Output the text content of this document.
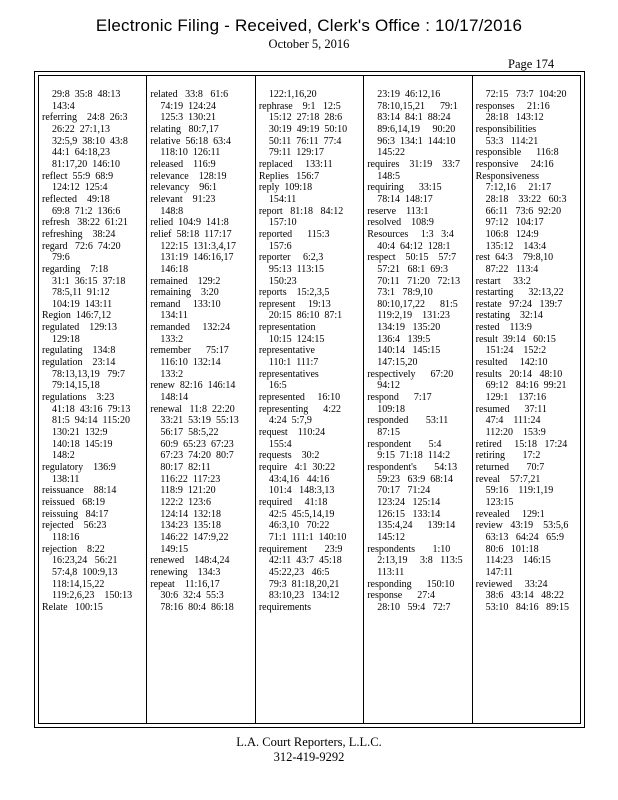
Electronic Filing - Received, Clerk's Office : 10/17/2016
October 5, 2016
Page 174
29:8  35:8  48:13
143:4
referring    24:8  26:3
26:22  27:1,13
32:5,9  38:10  43:8
44:1  64:18,23
81:17,20  146:10
reflect  55:9  68:9
124:12  125:4
reflected    49:18
69:8  71:2  136:6
refresh   38:22  61:21
refreshing    38:24
regard   72:6  74:20
79:6
regarding    7:18
31:1  36:15  37:18
78:5,11  91:12
104:19  143:11
Region  146:7,12
regulated    129:13
129:18
regulating    134:8
regulation    23:14
78:13,13,19   79:7
79:14,15,18
regulations    3:23
41:18  43:16  79:13
81:5  94:14  115:20
130:21  132:9
140:18  145:19
148:2
regulatory    136:9
138:11
reissuance    88:14
reissued   68:19
reissuing   84:17
rejected    56:23
118:16
rejection    8:22
16:23,24   56:21
57:4,8  100:9,13
118:14,15,22
119:2,6,23    150:13
Relate   100:15
related   33:8   61:6
74:19  124:24
125:3  130:21
relating   80:7,17
relative  56:18  63:4
118:10  126:11
released    116:9
relevance    128:19
relevancy    96:1
relevant    91:23
148:8
relied  104:9  141:8
relief  58:18  117:17
122:15  131:3,4,17
131:19  146:16,17
146:18
remained    129:2
remaining    3:20
remand     133:10
134:11
remanded     132:24
133:2
remember      75:17
116:10  132:14
133:2
renew  82:16  146:14
148:14
renewal   11:8  22:20
33:21  53:19  55:13
56:17  58:5,22
60:9  65:23  67:23
67:23  74:20  80:7
80:17  82:11
116:22  117:23
118:9  121:20
122:2  123:6
124:14  132:18
134:23  135:18
146:22  147:9,22
149:15
renewed    148:4,24
renewing    134:3
repeat    11:16,17
30:6  32:4  55:3
78:16  80:4  86:18
122:1,16,20
rephrase    9:1   12:5
15:12  27:18  28:6
30:19  49:19  50:10
50:11  76:11  77:4
79:11  129:17
replaced     133:11
Replies   156:7
reply  109:18
154:11
report   81:18   84:12
157:10
reported      115:3
157:6
reporter     6:2,3
95:13  113:15
150:23
reports    15:2,3,5
represent     19:13
20:15  86:10  87:1
representation
10:15  124:15
representative
110:1  111:7
representatives
16:5
represented     16:10
representing      4:22
4:24  5:7,9
request    110:24
155:4
requests    30:2
require   4:1  30:22
43:4,16   44:16
101:4   148:3,13
required     41:18
42:5  45:5,14,19
46:3,10   70:22
71:1  111:1  140:10
requirement       23:9
42:11  43:7  45:18
45:22,23   46:5
79:3  81:18,20,21
83:10,23   134:12
requirements
23:19  46:12,16
78:10,15,21      79:1
83:14  84:1  88:24
89:6,14,19     90:20
96:3  134:1  144:10
145:22
requires    31:19    33:7
148:5
requiring      33:15
78:14  148:17
reserve    113:1
resolved    108:9
Resources     1:3   3:4
40:4  64:12  128:1
respect    50:15    57:7
57:21   68:1  69:3
70:11   71:20   72:13
73:1   78:9,10
80:10,17,22      81:5
119:2,19    131:23
134:19   135:20
136:4   139:5
140:14   145:15
147:15,20
respectively      67:20
94:12
respond      7:17
109:18
responded       53:11
87:15
respondent       5:4
9:15  71:18  114:2
respondent's       54:13
59:23   63:9  68:14
70:17   71:24
123:24   125:14
126:15   133:14
135:4,24      139:14
145:12
respondents       1:10
2:13,19     3:8   113:5
113:11
responding      150:10
response      27:4
28:10   59:4   72:7
72:15   73:7  104:20
responses     21:16
28:18   143:12
responsibilities
53:3   114:21
responsible      116:8
responsive     24:16
Responsiveness
7:12,16     21:17
28:18    33:22   60:3
66:11   73:6  92:20
97:12   104:17
106:8   124:9
135:12    143:4
rest  64:3    79:8,10
87:22   113:4
restart     33:2
restarting      32:13,22
restate   97:24   139:7
restating    32:14
rested    113:9
result  39:14   60:15
151:24    152:2
resulted     142:10
results   20:14   48:10
69:12   84:16  99:21
129:1    137:16
resumed      37:11
47:4    111:24
112:20    153:9
retired     15:18   17:24
retiring       17:2
returned       70:7
reveal    57:7,21
59:16    119:1,19
123:15
revealed     129:1
review   43:19    53:5,6
63:13   64:24   65:9
80:6   101:18
114:23    146:15
147:11
reviewed     33:24
38:6   43:14   48:22
53:10   84:16   89:15
L.A. Court Reporters, L.L.C.
312-419-9292
